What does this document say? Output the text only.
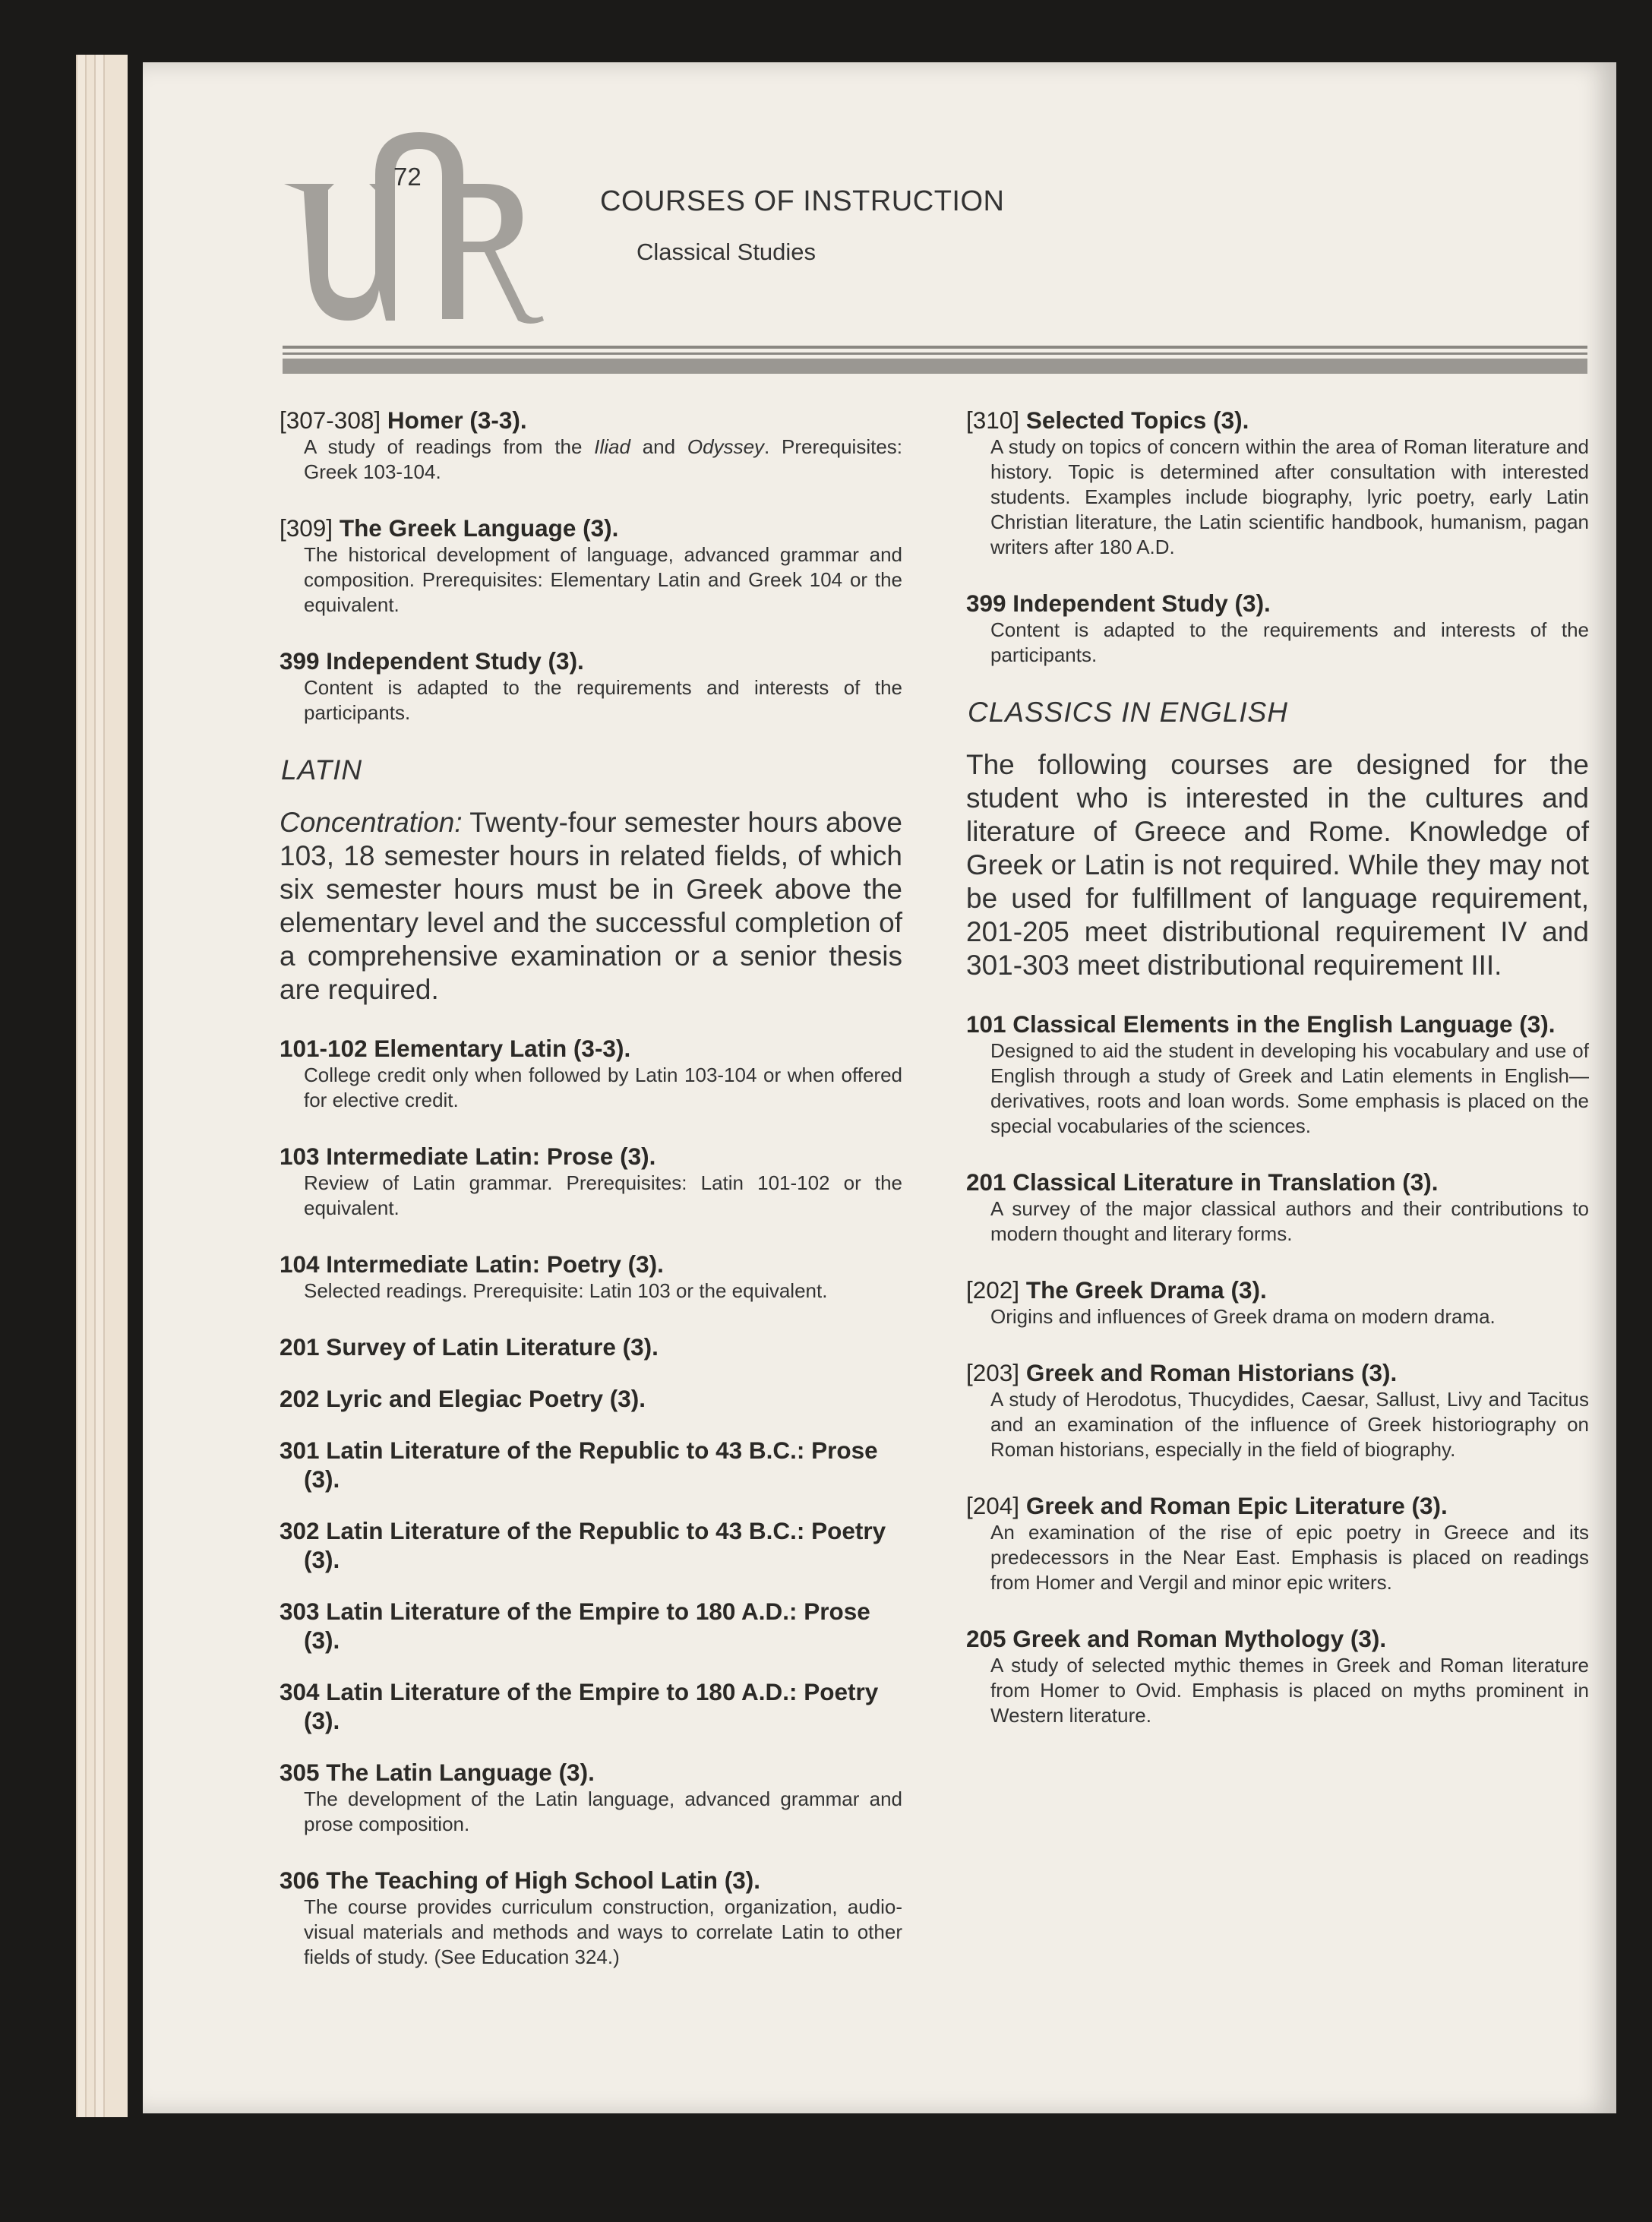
72
COURSES OF INSTRUCTION
Classical Studies
[307-308] Homer (3-3).
A study of readings from the Iliad and Odyssey. Prerequisites: Greek 103-104.
[309] The Greek Language (3).
The historical development of language, advanced grammar and composition. Prerequisites: Elementary Latin and Greek 104 or the equivalent.
399 Independent Study (3).
Content is adapted to the requirements and interests of the participants.
LATIN
Concentration: Twenty-four semester hours above 103, 18 semester hours in related fields, of which six semester hours must be in Greek above the elementary level and the successful completion of a comprehensive examination or a senior thesis are required.
101-102 Elementary Latin (3-3).
College credit only when followed by Latin 103-104 or when offered for elective credit.
103 Intermediate Latin: Prose (3).
Review of Latin grammar. Prerequisites: Latin 101-102 or the equivalent.
104 Intermediate Latin: Poetry (3).
Selected readings. Prerequisite: Latin 103 or the equivalent.
201 Survey of Latin Literature (3).
202 Lyric and Elegiac Poetry (3).
301 Latin Literature of the Republic to 43 B.C.: Prose (3).
302 Latin Literature of the Republic to 43 B.C.: Poetry (3).
303 Latin Literature of the Empire to 180 A.D.: Prose (3).
304 Latin Literature of the Empire to 180 A.D.: Poetry (3).
305 The Latin Language (3).
The development of the Latin language, advanced grammar and prose composition.
306 The Teaching of High School Latin (3).
The course provides curriculum construction, organization, audio-visual materials and methods and ways to correlate Latin to other fields of study. (See Education 324.)
[310] Selected Topics (3).
A study on topics of concern within the area of Roman literature and history. Topic is determined after consultation with interested students. Examples include biography, lyric poetry, early Latin Christian literature, the Latin scientific handbook, humanism, pagan writers after 180 A.D.
399 Independent Study (3).
Content is adapted to the requirements and interests of the participants.
CLASSICS IN ENGLISH
The following courses are designed for the student who is interested in the cultures and literature of Greece and Rome. Knowledge of Greek or Latin is not required. While they may not be used for fulfillment of language requirement, 201-205 meet distributional requirement IV and 301-303 meet distributional requirement III.
101 Classical Elements in the English Language (3).
Designed to aid the student in developing his vocabulary and use of English through a study of Greek and Latin elements in English—derivatives, roots and loan words. Some emphasis is placed on the special vocabularies of the sciences.
201 Classical Literature in Translation (3).
A survey of the major classical authors and their contributions to modern thought and literary forms.
[202] The Greek Drama (3).
Origins and influences of Greek drama on modern drama.
[203] Greek and Roman Historians (3).
A study of Herodotus, Thucydides, Caesar, Sallust, Livy and Tacitus and an examination of the influence of Greek historiography on Roman historians, especially in the field of biography.
[204] Greek and Roman Epic Literature (3).
An examination of the rise of epic poetry in Greece and its predecessors in the Near East. Emphasis is placed on readings from Homer and Vergil and minor epic writers.
205 Greek and Roman Mythology (3).
A study of selected mythic themes in Greek and Roman literature from Homer to Ovid. Emphasis is placed on myths prominent in Western literature.
